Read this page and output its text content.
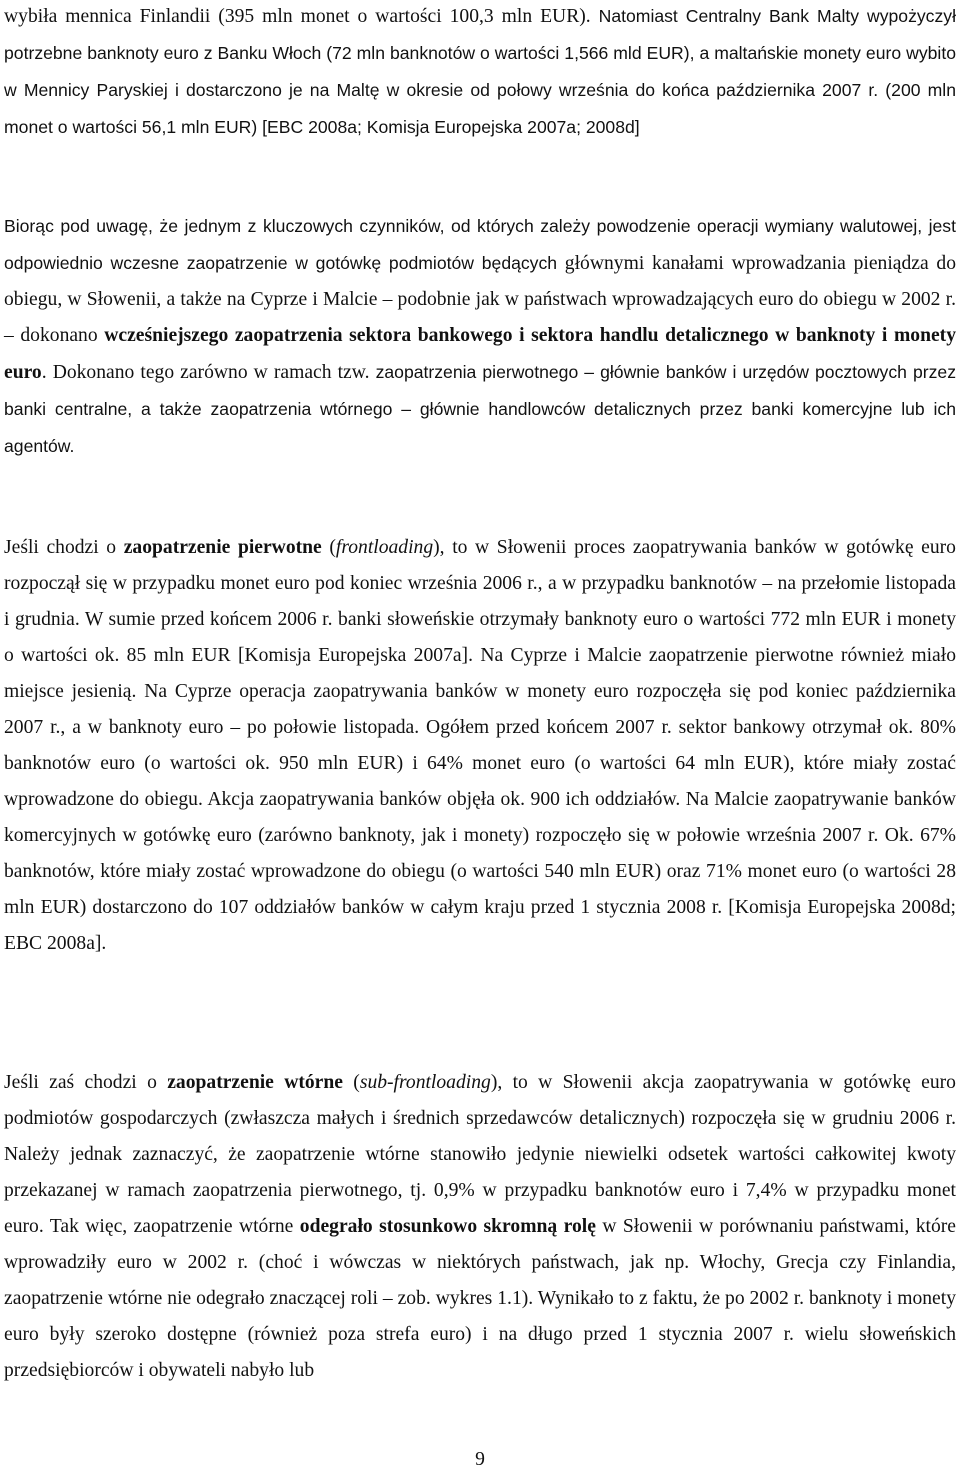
wybiła mennica Finlandii (395 mln monet o wartości 100,3 mln EUR). Natomiast Centralny Bank Malty wypożyczył potrzebne banknoty euro z Banku Włoch (72 mln banknotów o wartości 1,566 mld EUR), a maltańskie monety euro wybito w Mennicy Paryskiej i dostarczono je na Maltę w okresie od połowy września do końca października 2007 r. (200 mln monet o wartości 56,1 mln EUR) [EBC 2008a; Komisja Europejska 2007a; 2008d]

Biorąc pod uwagę, że jednym z kluczowych czynników, od których zależy powodzenie operacji wymiany walutowej, jest odpowiednio wczesne zaopatrzenie w gotówkę podmiotów będących głównymi kanałami wprowadzania pieniądza do obiegu, w Słowenii, a także na Cyprze i Malcie – podobnie jak w państwach wprowadzających euro do obiegu w 2002 r. – dokonano wcześniejszego zaopatrzenia sektora bankowego i sektora handlu detalicznego w banknoty i monety euro. Dokonano tego zarówno w ramach tzw. zaopatrzenia pierwotnego – głównie banków i urzędów pocztowych przez banki centralne, a także zaopatrzenia wtórnego – głównie handlowców detalicznych przez banki komercyjne lub ich agentów.

Jeśli chodzi o zaopatrzenie pierwotne (frontloading), to w Słowenii proces zaopatrywania banków w gotówkę euro rozpoczął się w przypadku monet euro pod koniec września 2006 r., a w przypadku banknotów – na przełomie listopada i grudnia. W sumie przed końcem 2006 r. banki słoweńskie otrzymały banknoty euro o wartości 772 mln EUR i monety o wartości ok. 85 mln EUR [Komisja Europejska 2007a]. Na Cyprze i Malcie zaopatrzenie pierwotne również miało miejsce jesienią. Na Cyprze operacja zaopatrywania banków w monety euro rozpoczęła się pod koniec października 2007 r., a w banknoty euro – po połowie listopada. Ogółem przed końcem 2007 r. sektor bankowy otrzymał ok. 80% banknotów euro (o wartości ok. 950 mln EUR) i 64% monet euro (o wartości 64 mln EUR), które miały zostać wprowadzone do obiegu. Akcja zaopatrywania banków objęła ok. 900 ich oddziałów. Na Malcie zaopatrywanie banków komercyjnych w gotówkę euro (zarówno banknoty, jak i monety) rozpoczęło się w połowie września 2007 r. Ok. 67% banknotów, które miały zostać wprowadzone do obiegu (o wartości 540 mln EUR) oraz 71% monet euro (o wartości 28 mln EUR) dostarczono do 107 oddziałów banków w całym kraju przed 1 stycznia 2008 r. [Komisja Europejska 2008d; EBC 2008a].

Jeśli zaś chodzi o zaopatrzenie wtórne (sub-frontloading), to w Słowenii akcja zaopatrywania w gotówkę euro podmiotów gospodarczych (zwłaszcza małych i średnich sprzedawców detalicznych) rozpoczęła się w grudniu 2006 r. Należy jednak zaznaczyć, że zaopatrzenie wtórne stanowiło jedynie niewielki odsetek wartości całkowitej kwoty przekazanej w ramach zaopatrzenia pierwotnego, tj. 0,9% w przypadku banknotów euro i 7,4% w przypadku monet euro. Tak więc, zaopatrzenie wtórne odegrało stosunkowo skromną rolę w Słowenii w porównaniu państwami, które wprowadziły euro w 2002 r. (choć i wówczas w niektórych państwach, jak np. Włochy, Grecja czy Finlandia, zaopatrzenie wtórne nie odegrało znaczącej roli – zob. wykres 1.1). Wynikało to z faktu, że po 2002 r. banknoty i monety euro były szeroko dostępne (również poza strefa euro) i na długo przed 1 stycznia 2007 r. wielu słoweńskich przedsiębiorców i obywateli nabyło lub

9
